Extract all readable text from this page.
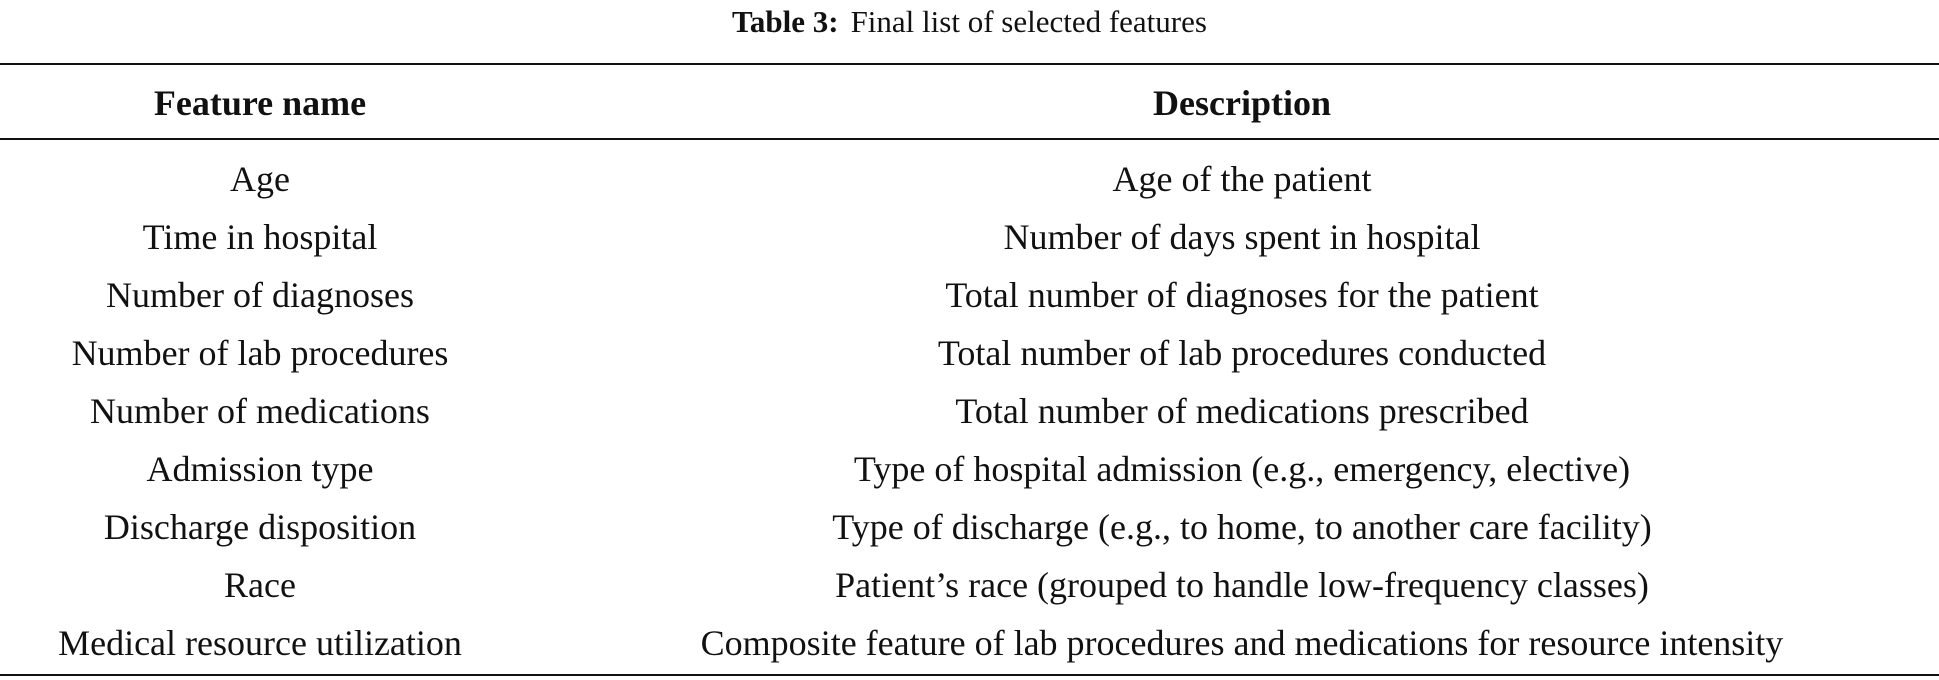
Table 3: Final list of selected features
Feature name	Description
Age	Age of the patient
Time in hospital	Number of days spent in hospital
Number of diagnoses	Total number of diagnoses for the patient
Number of lab procedures	Total number of lab procedures conducted
Number of medications	Total number of medications prescribed
Admission type	Type of hospital admission (e.g., emergency, elective)
Discharge disposition	Type of discharge (e.g., to home, to another care facility)
Race	Patient’s race (grouped to handle low-frequency classes)
Medical resource utilization	Composite feature of lab procedures and medications for resource intensity
